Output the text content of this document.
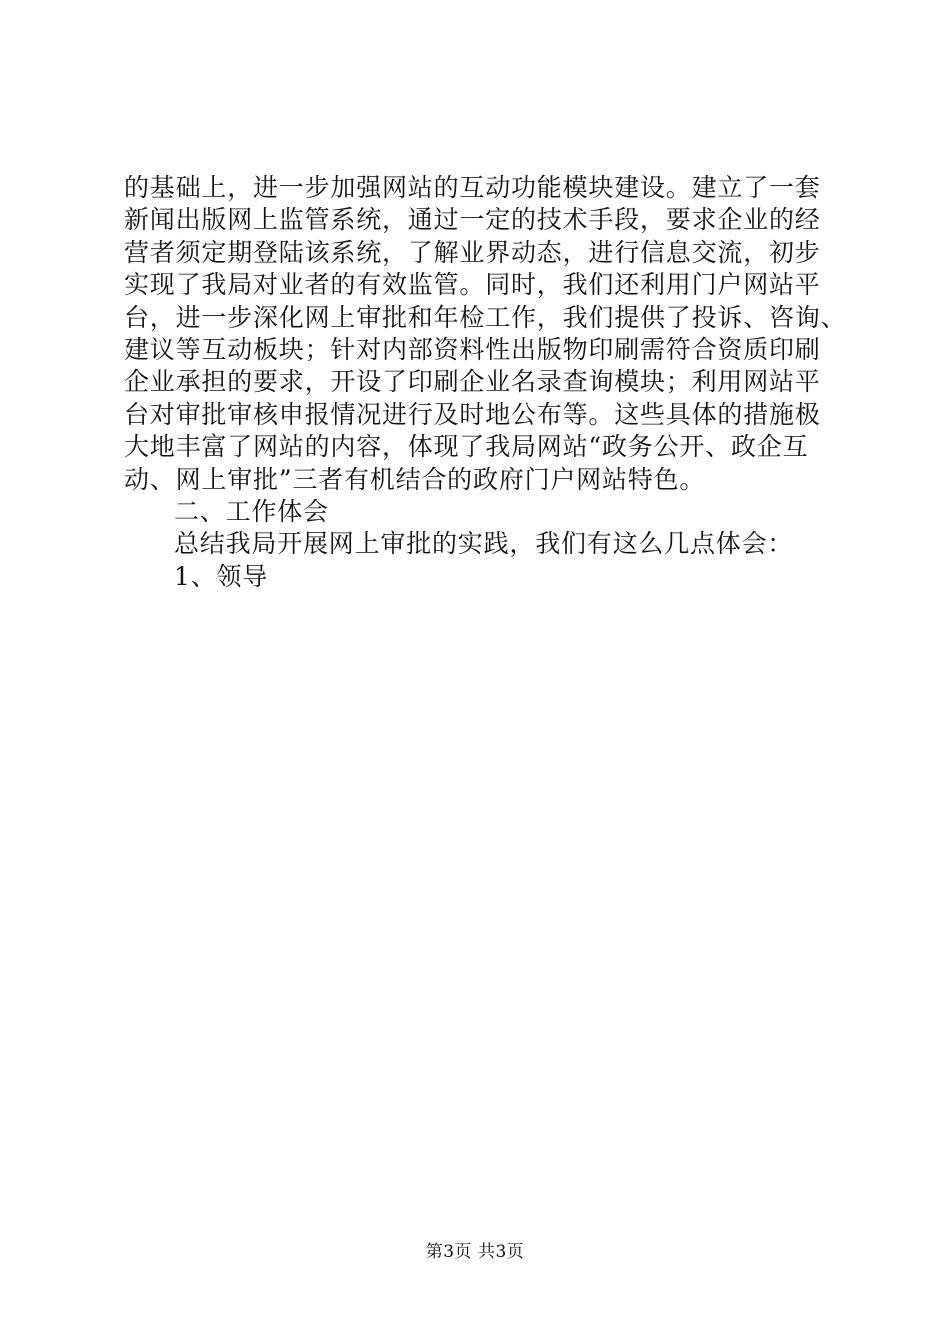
的基础上，进一步加强网站的互动功能模块建设。建立了一套
新闻出版网上监管系统，通过一定的技术手段，要求企业的经
营者须定期登陆该系统，了解业界动态，进行信息交流，初步
实现了我局对业者的有效监管。同时，我们还利用门户网站平
台，进一步深化网上审批和年检工作，我们提供了投诉、咨询、
建议等互动板块；针对内部资料性出版物印刷需符合资质印刷
企业承担的要求，开设了印刷企业名录查询模块；利用网站平
台对审批审核申报情况进行及时地公布等。这些具体的措施极
大地丰富了网站的内容，体现了我局网站“政务公开、政企互
动、网上审批”三者有机结合的政府门户网站特色。
二、工作体会
总结我局开展网上审批的实践，我们有这么几点体会：
1、领导
第3页 共3页
